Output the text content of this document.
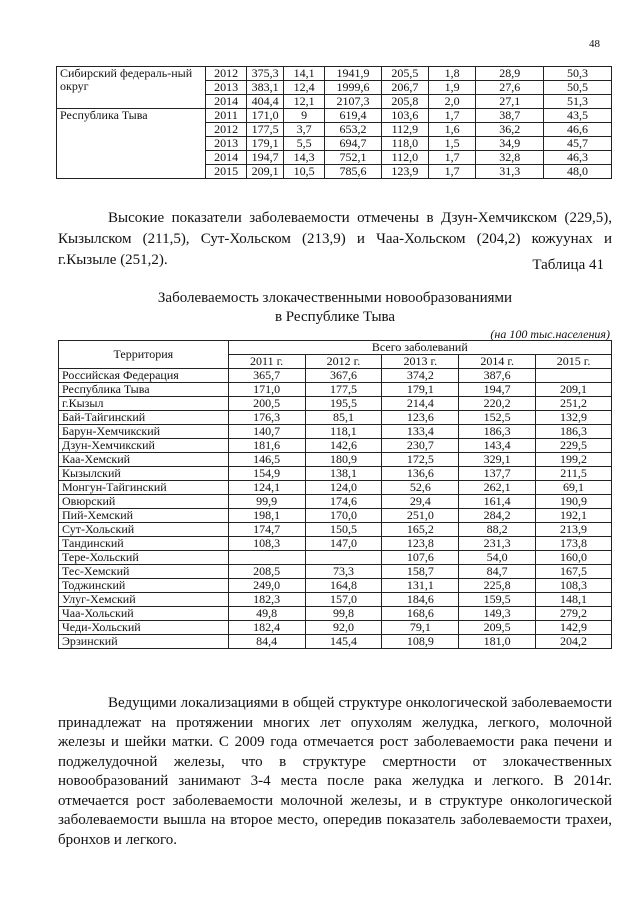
48
Сибирский федераль-ный округ	2012	375,3	14,1	1941,9	205,5	1,8	28,9	50,3
	2013	383,1	12,4	1999,6	206,7	1,9	27,6	50,5
	2014	404,4	12,1	2107,3	205,8	2,0	27,1	51,3
Республика Тыва	2011	171,0	9	619,4	103,6	1,7	38,7	43,5
	2012	177,5	3,7	653,2	112,9	1,6	36,2	46,6
	2013	179,1	5,5	694,7	118,0	1,5	34,9	45,7
	2014	194,7	14,3	752,1	112,0	1,7	32,8	46,3
	2015	209,1	10,5	785,6	123,9	1,7	31,3	48,0

Высокие показатели заболеваемости отмечены в Дзун-Хемчикском (229,5), Кызылском (211,5), Сут-Хольском (213,9) и Чаа-Хольском (204,2) кожуунах и г.Кызыле (251,2).	Таблица 41

Заболеваемость злокачественными новообразованиями
в Республике Тыва

(на 100 тыс.населения)
Территория	Всего заболеваний				
	2011 г.	2012 г.	2013 г.	2014 г.	2015 г.
Российская Федерация	365,7	367,6	374,2	387,6	
Республика Тыва	171,0	177,5	179,1	194,7	209,1
г.Кызыл	200,5	195,5	214,4	220,2	251,2
Бай-Тайгинский	176,3	85,1	123,6	152,5	132,9
Барун-Хемчикский	140,7	118,1	133,4	186,3	186,3
Дзун-Хемчикский	181,6	142,6	230,7	143,4	229,5
Каа-Хемский	146,5	180,9	172,5	329,1	199,2
Кызылский	154,9	138,1	136,6	137,7	211,5
Монгун-Тайгинский	124,1	124,0	52,6	262,1	69,1
Овюрский	99,9	174,6	29,4	161,4	190,9
Пий-Хемский	198,1	170,0	251,0	284,2	192,1
Сут-Хольский	174,7	150,5	165,2	88,2	213,9
Тандинский	108,3	147,0	123,8	231,3	173,8
Тере-Хольский			107,6	54,0	160,0
Тес-Хемский	208,5	73,3	158,7	84,7	167,5
Тоджинский	249,0	164,8	131,1	225,8	108,3
Улуг-Хемский	182,3	157,0	184,6	159,5	148,1
Чаа-Хольский	49,8	99,8	168,6	149,3	279,2
Чеди-Хольский	182,4	92,0	79,1	209,5	142,9
Эрзинский	84,4	145,4	108,9	181,0	204,2

Ведущими локализациями в общей структуре онкологической заболеваемости принадлежат на протяжении многих лет опухолям желудка, легкого, молочной железы и шейки матки. С 2009 года отмечается рост заболеваемости рака печени и поджелудочной железы, что в структуре смертности от злокачественных новообразований занимают 3-4 места после рака желудка и легкого. В 2014г. отмечается рост заболеваемости молочной железы, и в структуре онкологической заболеваемости вышла на второе место, опередив показатель заболеваемости трахеи, бронхов и легкого.
